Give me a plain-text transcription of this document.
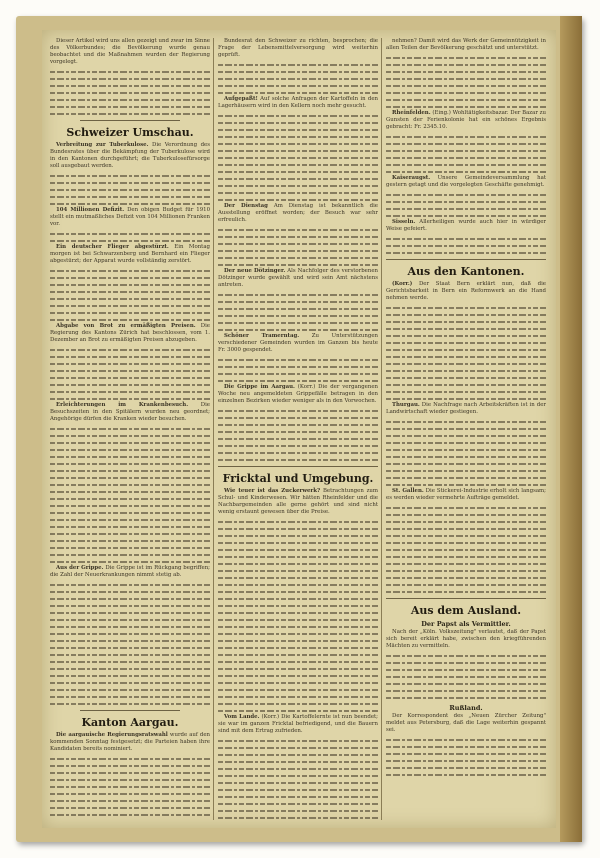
Dieser Artikel wird uns allen gezeigt und zwar im Sinne des Völkerbundes; die Bevölkerung wurde genau beobachtet und die Maßnahmen wurden der Regierung vorgelegt.

Schweizer Umschau.

Verbreitung zur Tuberkulose. Die Verordnung des Bundesrates über die Bekämpfung der Tuberkulose wird in den Kantonen durchgeführt; die Tuberkulosefürsorge soll ausgebaut werden.

104 Millionen Defizit. Den obigen Budget für 1910 stellt ein mutmaßliches Defizit von 104 Millionen Franken vor.

Ein deutscher Flieger abgestürzt. Ein Montag morgen ist bei Schwarzenberg und Bernhard ein Flieger abgestürzt; der Apparat wurde vollständig zerstört.

Abgabe von Brot zu ermäßigten Preisen. Die Regierung des Kantons Zürich hat beschlossen, vom 1. Dezember an Brot zu ermäßigten Preisen abzugeben.

Erleichterungen im Krankenbesuch. Die Besuchszeiten in den Spitälern wurden neu geordnet; Angehörige dürfen die Kranken wieder besuchen.

Aus der Grippe. Die Grippe ist im Rückgang begriffen; die Zahl der Neuerkrankungen nimmt stetig ab.

Kanton Aargau.

Die aargauische Regierungsratswahl wurde auf den kommenden Sonntag festgesetzt; die Parteien haben ihre Kandidaten bereits nominiert.

Bundesrat den Schweizer zu richten, besprochen; die Frage der Lebensmittelversorgung wird weiterhin geprüft.

Aufgepaßt! Auf solche Anfragen der Kartoffeln in den Lagerhäusern wird in den Kellern noch mehr gesucht.

Der Dienstag Am Dienstag ist bekanntlich die Ausstellung eröffnet worden; der Besuch war sehr erfreulich.

Der neue Dötzinger. Als Nachfolger des verstorbenen Dötzinger wurde gewählt und wird sein Amt nächstens antreten.

Schöner Tramerntag. Zu Unterstützungen verschiedener Gemeinden wurden im Ganzen bis heute Fr. 3000 gespendet.

Die Grippe im Aargau. (Korr.) Die der vergangenen Woche neu angemeldeten Grippefälle betragen in den einzelnen Bezirken wieder weniger als in den Vorwochen.

Fricktal und Umgebung.

Wie teuer ist das Zuckerwerk? Betrachtungen zum Schul- und Kinderwesen. Wir hätten Rheinfelder und die Nachbargemeinden alle gerne gehört und sind nicht wenig erstaunt gewesen über die Preise.

Vom Lande. (Korr.) Die Kartoffelernte ist nun beendet; sie war im ganzen Fricktal befriedigend, und die Bauern sind mit dem Ertrag zufrieden.

nehmen? Damit wird das Werk der Gemeinnützigkeit in allen Teilen der Bevölkerung geschätzt und unterstützt.

Rheinfelden. (Eing.) Wohltätigkeitsbazar. Der Bazar zu Gunsten der Ferienkolonie hat ein schönes Ergebnis gebracht: Fr. 2345.10.

Kaiseraugst. Unsere Gemeindeversammlung hat gestern getagt und die vorgelegten Geschäfte genehmigt.

Sisseln. Allerheiligen wurde auch hier in würdiger Weise gefeiert.

Aus den Kantonen.

(Korr.) Der Staat Bern erklärt nun, daß die Gerichtsbarkeit in Bern ein Reformwerk an die Hand nehmen werde.

Thurgau. Die Nachfrage nach Arbeitskräften ist in der Landwirtschaft wieder gestiegen.

St. Gallen. Die Stickerei-Industrie erholt sich langsam; es werden wieder vermehrte Aufträge gemeldet.

Aus dem Ausland.
Der Papst als Vermittler.

Nach der „Köln. Volkszeitung" verlautet, daß der Papst sich bereit erklärt habe, zwischen den kriegführenden Mächten zu vermitteln.

Rußland.

Der Korrespondent des „Neuen Zürcher Zeitung" meldet aus Petersburg, daß die Lage weiterhin gespannt sei.
